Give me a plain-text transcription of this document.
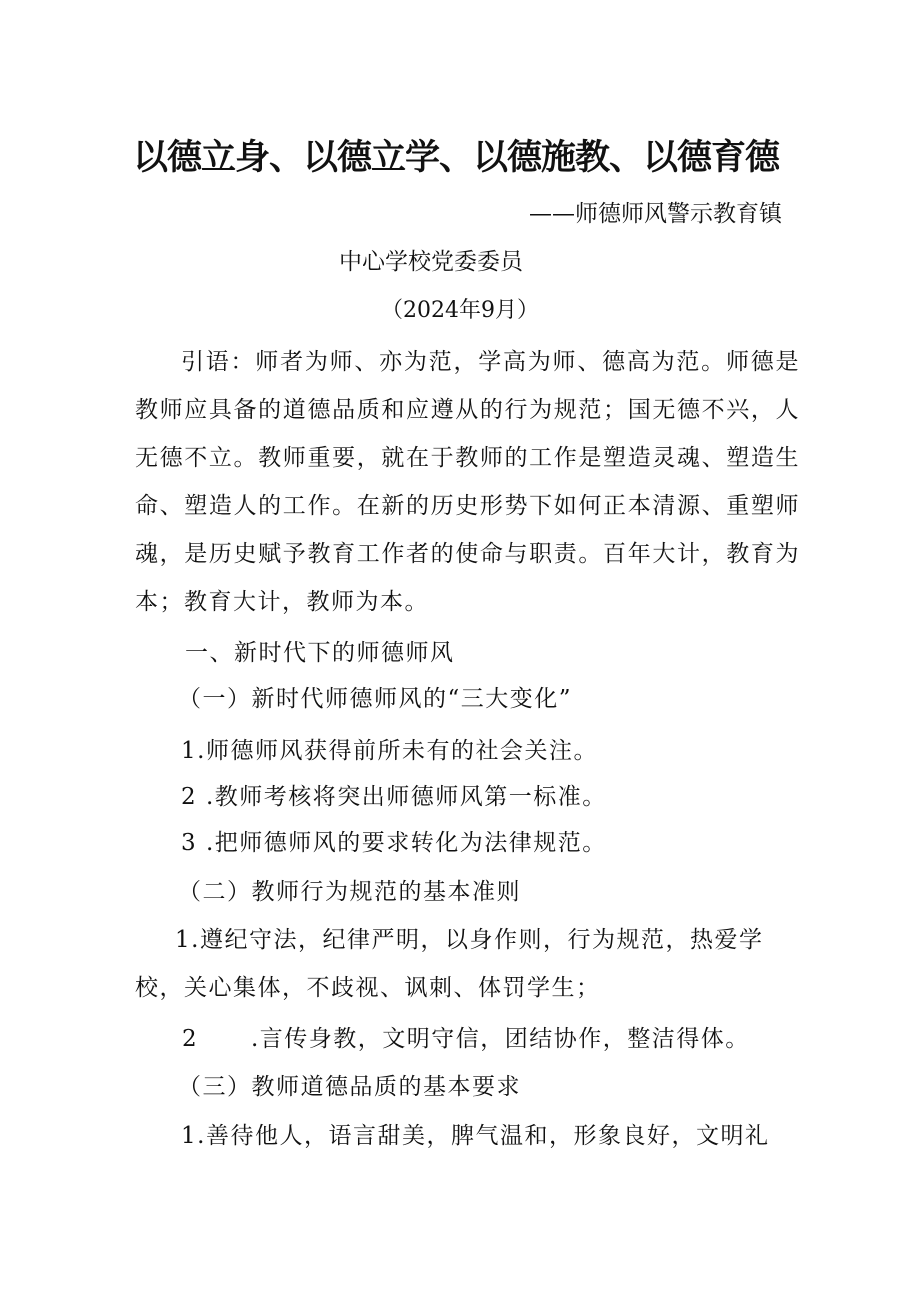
以德立身、以德立学、以德施教、以德育德

——师德师风警示教育镇

中心学校党委委员

（2024年9月）

引语：师者为师、亦为范，学高为师、德高为范。师德是教师应具备的道德品质和应遵从的行为规范；国无德不兴，人无德不立。教师重要，就在于教师的工作是塑造灵魂、塑造生命、塑造人的工作。在新的历史形势下如何正本清源、重塑师魂，是历史赋予教育工作者的使命与职责。百年大计，教育为本；教育大计，教师为本。

一、新时代下的师德师风

（一）新时代师德师风的“三大变化”

1.师德师风获得前所未有的社会关注。

2 .教师考核将突出师德师风第一标准。

3 .把师德师风的要求转化为法律规范。

（二）教师行为规范的基本准则

1.遵纪守法，纪律严明，以身作则，行为规范，热爱学校，关心集体，不歧视、讽刺、体罚学生；

2      .言传身教，文明守信，团结协作，整洁得体。

（三）教师道德品质的基本要求

1.善待他人，语言甜美，脾气温和，形象良好，文明礼
